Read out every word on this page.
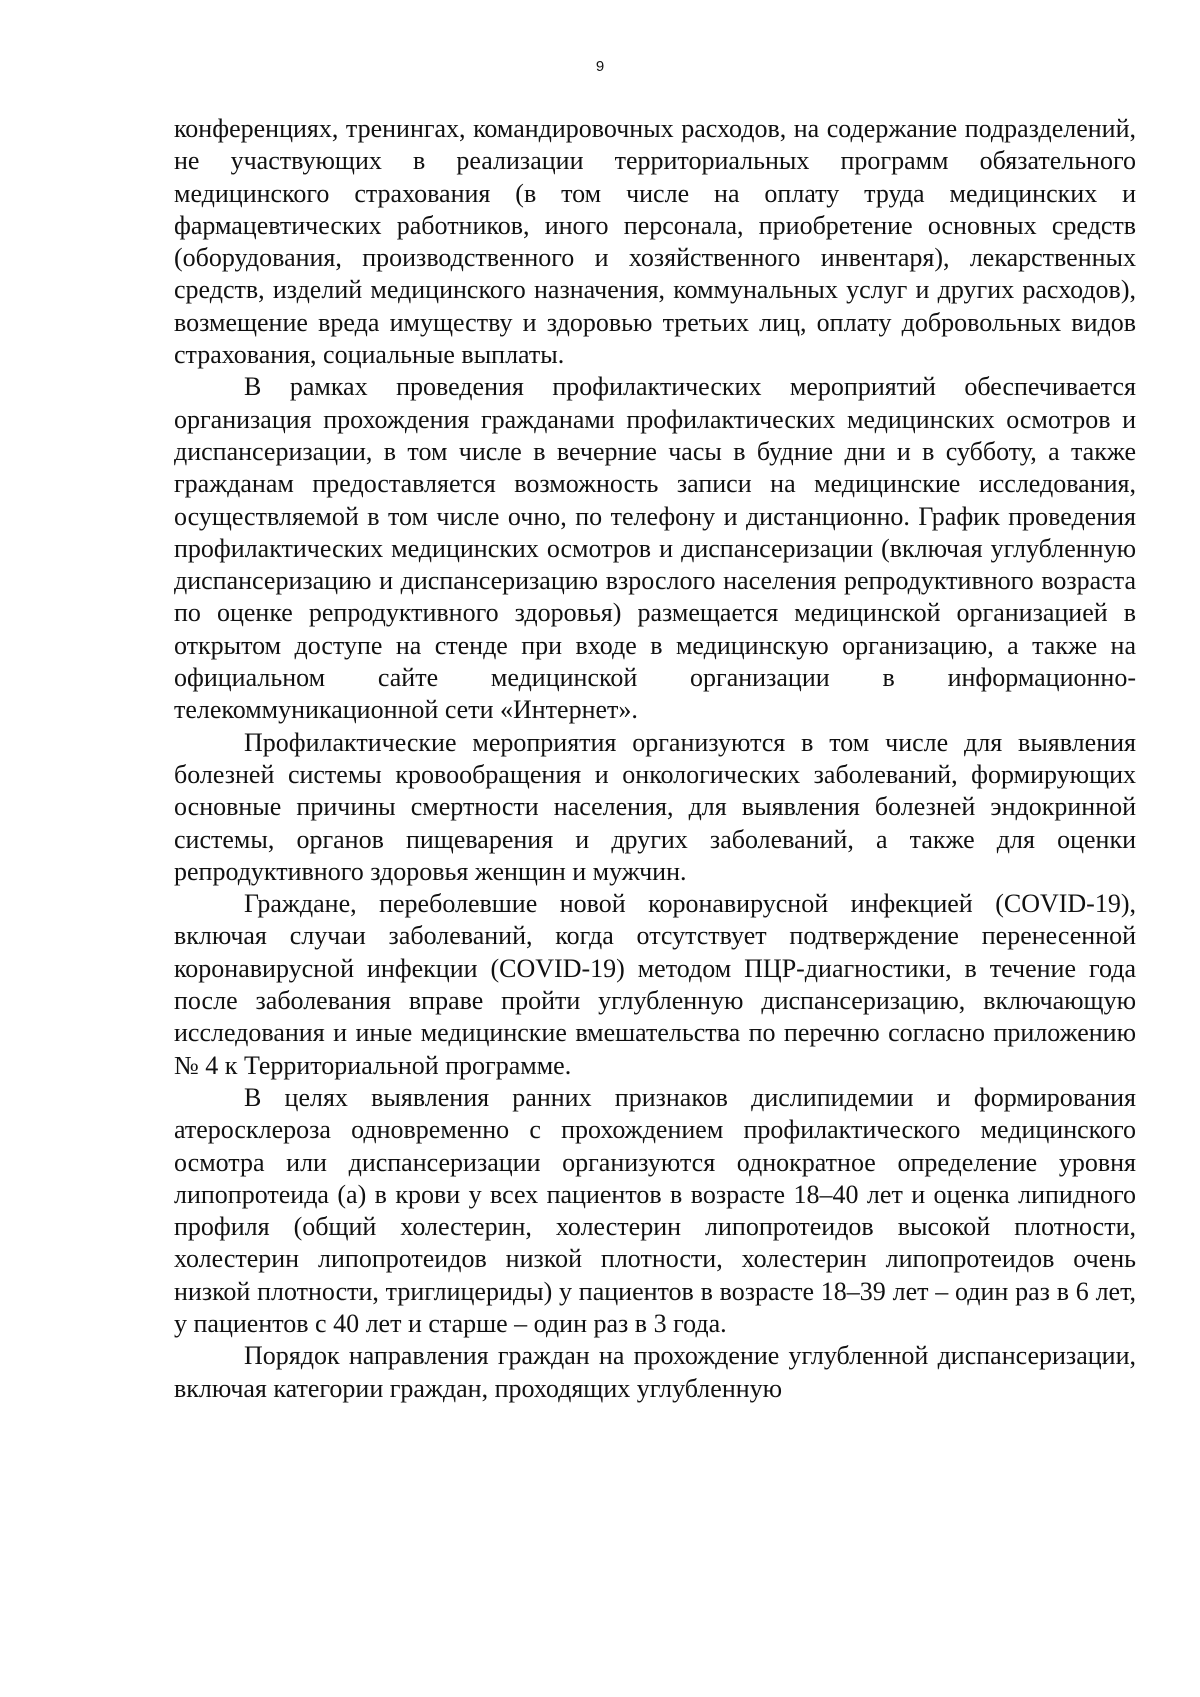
9

конференциях, тренингах, командировочных расходов, на содержание подразделений, не участвующих в реализации территориальных программ обязательного медицинского страхования (в том числе на оплату труда медицинских и фармацевтических работников, иного персонала, приобретение основных средств (оборудования, производственного и хозяйственного инвентаря), лекарственных средств, изделий медицинского назначения, коммунальных услуг и других расходов), возмещение вреда имуществу и здоровью третьих лиц, оплату добровольных видов страхования, социальные выплаты.

В рамках проведения профилактических мероприятий обеспечивается организация прохождения гражданами профилактических медицинских осмотров и диспансеризации, в том числе в вечерние часы в будние дни и в субботу, а также гражданам предоставляется возможность записи на медицинские исследования, осуществляемой в том числе очно, по телефону и дистанционно. График проведения профилактических медицинских осмотров и диспансеризации (включая углубленную диспансеризацию и диспансеризацию взрослого населения репродуктивного возраста по оценке репродуктивного здоровья) размещается медицинской организацией в открытом доступе на стенде при входе в медицинскую организацию, а также на официальном сайте медицинской организации в информационно-телекоммуникационной сети «Интернет».

Профилактические мероприятия организуются в том числе для выявления болезней системы кровообращения и онкологических заболеваний, формирующих основные причины смертности населения, для выявления болезней эндокринной системы, органов пищеварения и других заболеваний, а также для оценки репродуктивного здоровья женщин и мужчин.

Граждане, переболевшие новой коронавирусной инфекцией (COVID-19), включая случаи заболеваний, когда отсутствует подтверждение перенесенной коронавирусной инфекции (COVID-19) методом ПЦР-диагностики, в течение года после заболевания вправе пройти углубленную диспансеризацию, включающую исследования и иные медицинские вмешательства по перечню согласно приложению № 4 к Территориальной программе.

В целях выявления ранних признаков дислипидемии и формирования атеросклероза одновременно с прохождением профилактического медицинского осмотра или диспансеризации организуются однократное определение уровня липопротеида (а) в крови у всех пациентов в возрасте 18–40 лет и оценка липидного профиля (общий холестерин, холестерин липопротеидов высокой плотности, холестерин липопротеидов низкой плотности, холестерин липопротеидов очень низкой плотности, триглицериды) у пациентов в возрасте 18–39 лет – один раз в 6 лет, у пациентов с 40 лет и старше – один раз в 3 года.

Порядок направления граждан на прохождение углубленной диспансеризации, включая категории граждан, проходящих углубленную
